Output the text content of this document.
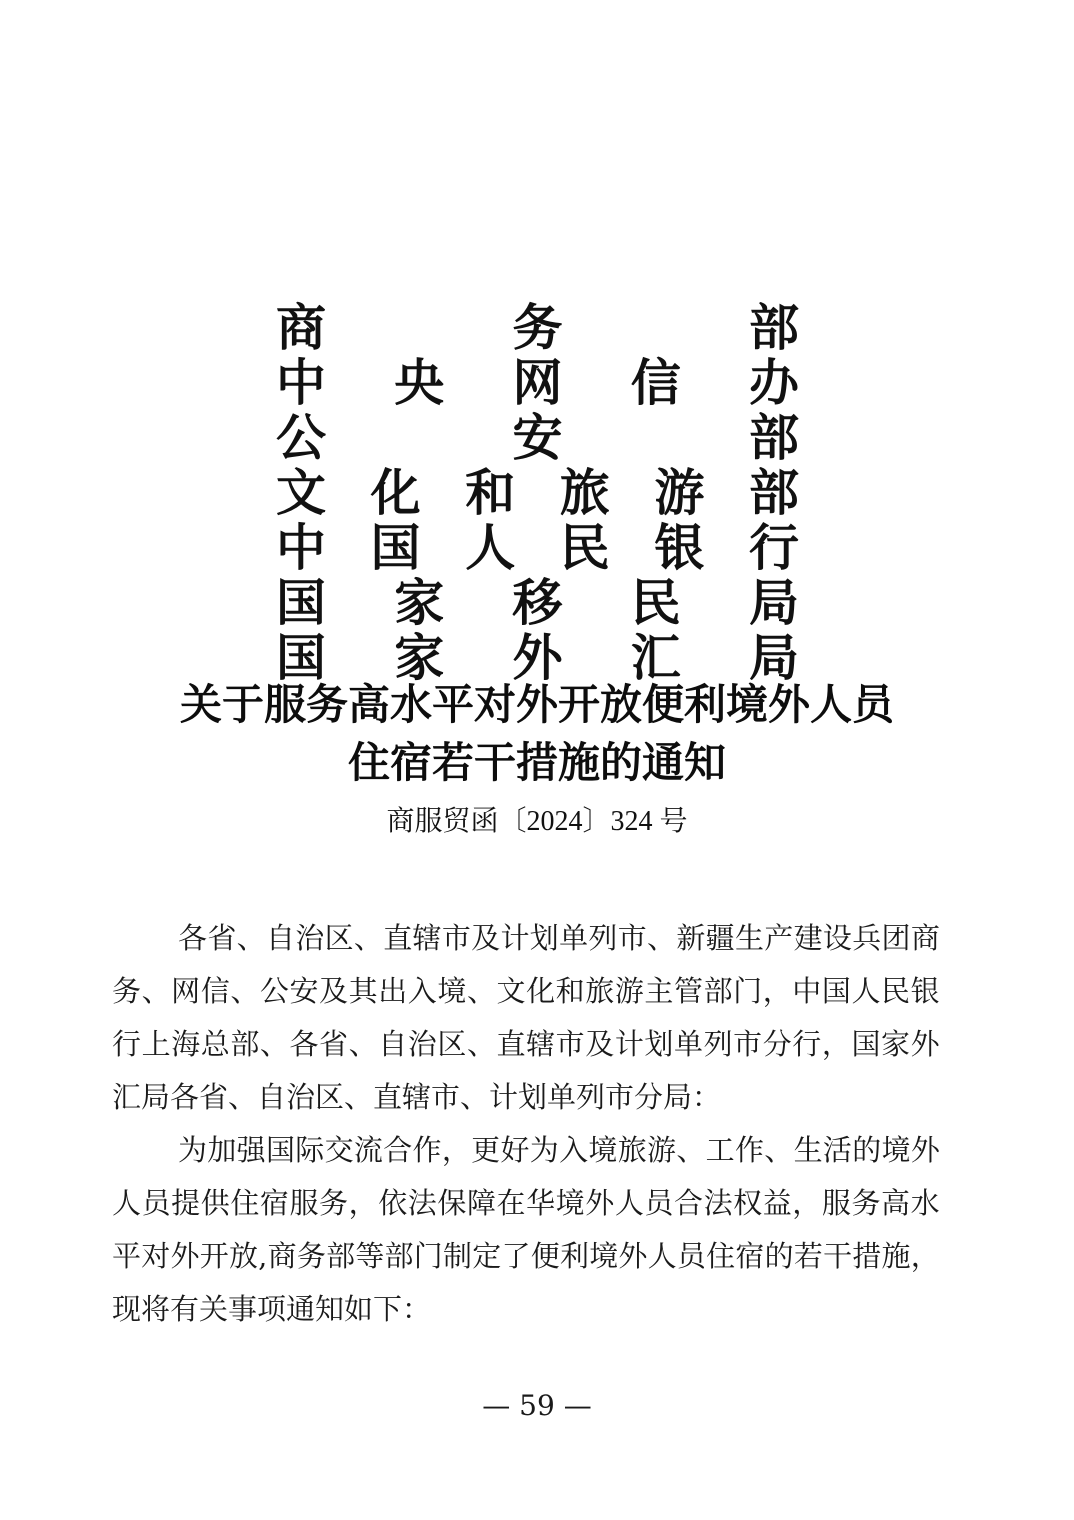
商	务	部
中 央 网 信 办
公	安	部
文 化 和 旅 游 部
中 国 人 民 银 行
国 家 移 民 局
国 家 外 汇 局
关于服务高水平对外开放便利境外人员
住宿若干措施的通知
商服贸函〔2024〕324 号
各 省 、 自 治 区 、 直 辖 市 及 计 划 单 列 市 、 新 疆 生 产 建 设 兵 团 商
务 、 网 信 、 公 安 及 其 出 入 境 、 文 化 和 旅 游 主 管 部 门 ， 中 国 人 民 银
行 上 海 总 部 、 各 省 、 自 治 区 、 直 辖 市 及 计 划 单 列 市 分 行 ， 国 家 外
汇局各省、自治区、直辖市、计划单列市分局：
为 加 强 国 际 交 流 合 作 ， 更 好 为 入 境 旅 游 、 工 作 、 生 活 的 境 外
人 员 提 供 住 宿 服 务 ， 依 法 保 障 在 华 境 外 人 员 合 法 权 益 ， 服 务 高 水
平 对 外 开 放 , 商 务 部 等 部 门 制 定 了 便 利 境 外 人 员 住 宿 的 若 干 措 施 ，
现将有关事项通知如下：
— 59 —
